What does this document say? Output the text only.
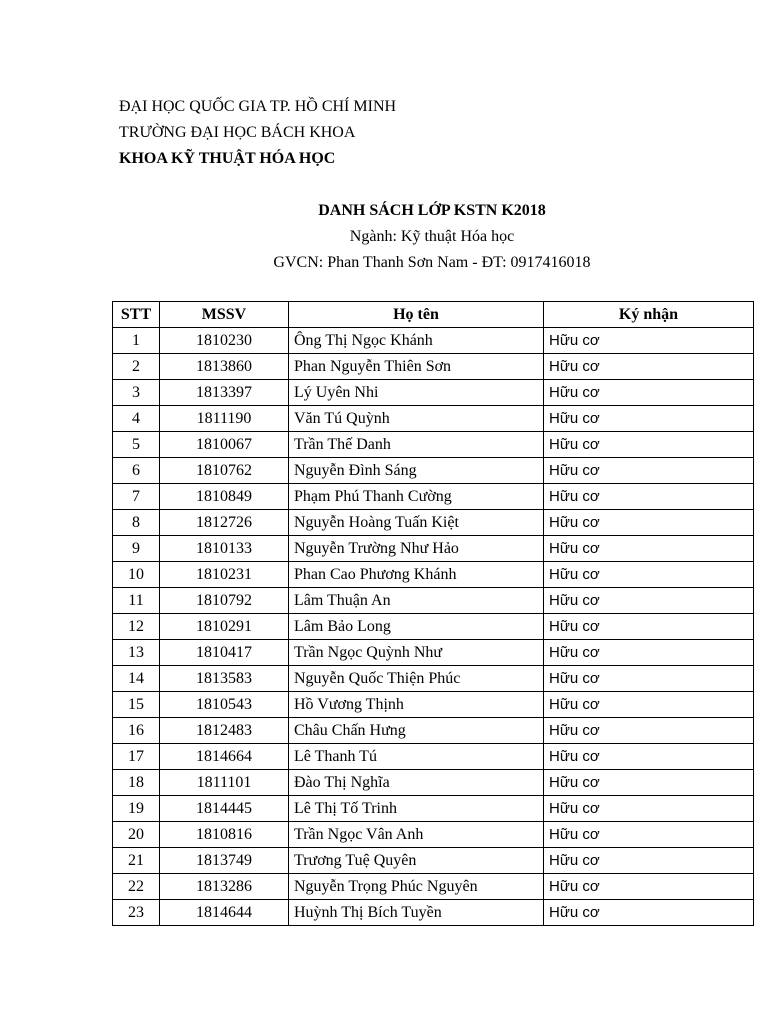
ĐẠI HỌC QUỐC GIA TP. HỒ CHÍ MINH
TRƯỜNG ĐẠI HỌC BÁCH KHOA
KHOA KỸ THUẬT HÓA HỌC
DANH SÁCH LỚP KSTN K2018
Ngành: Kỹ thuật Hóa học
GVCN: Phan Thanh Sơn Nam - ĐT: 0917416018
STT	MSSV	Họ tên	Ký nhận
1	1810230	Ông Thị Ngọc Khánh	Hữu cơ
2	1813860	Phan Nguyễn Thiên Sơn	Hữu cơ
3	1813397	Lý Uyên Nhi	Hữu cơ
4	1811190	Văn Tú Quỳnh	Hữu cơ
5	1810067	Trần Thế Danh	Hữu cơ
6	1810762	Nguyễn Đình Sáng	Hữu cơ
7	1810849	Phạm Phú Thanh Cường	Hữu cơ
8	1812726	Nguyễn Hoàng Tuấn Kiệt	Hữu cơ
9	1810133	Nguyễn Trường Như Hảo	Hữu cơ
10	1810231	Phan Cao Phương Khánh	Hữu cơ
11	1810792	Lâm Thuận An	Hữu cơ
12	1810291	Lâm Bảo Long	Hữu cơ
13	1810417	Trần Ngọc Quỳnh Như	Hữu cơ
14	1813583	Nguyễn Quốc Thiện Phúc	Hữu cơ
15	1810543	Hồ Vương Thịnh	Hữu cơ
16	1812483	Châu Chấn Hưng	Hữu cơ
17	1814664	Lê Thanh Tú	Hữu cơ
18	1811101	Đào Thị Nghĩa	Hữu cơ
19	1814445	Lê Thị Tố Trinh	Hữu cơ
20	1810816	Trần Ngọc Vân Anh	Hữu cơ
21	1813749	Trương Tuệ Quyên	Hữu cơ
22	1813286	Nguyễn Trọng Phúc Nguyên	Hữu cơ
23	1814644	Huỳnh Thị Bích Tuyền	Hữu cơ
